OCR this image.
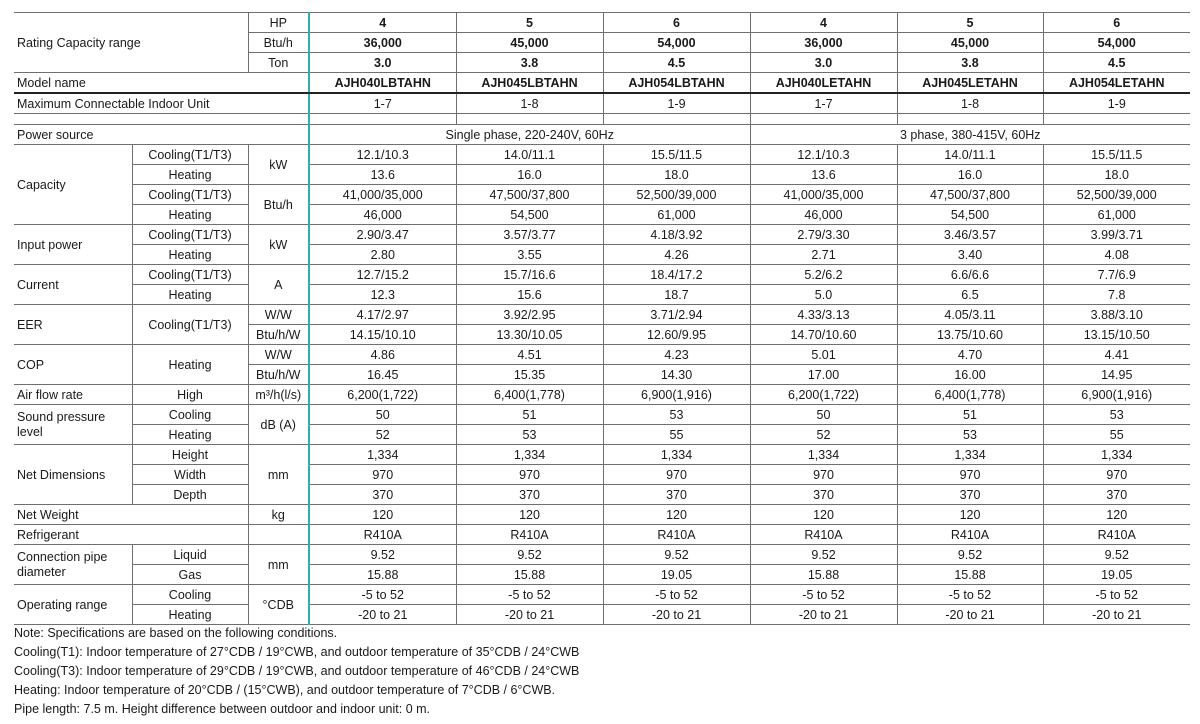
Rating Capacity range		HP	4	5	6	4	5	6
		Btu/h	36,000	45,000	54,000	36,000	45,000	54,000
		Ton	3.0	3.8	4.5	3.0	3.8	4.5
Model name			AJH040LBTAHN	AJH045LBTAHN	AJH054LBTAHN	AJH040LETAHN	AJH045LETAHN	AJH054LETAHN
Maximum Connectable Indoor Unit			1-7	1-8	1-9	1-7	1-8	1-9

Power source			Single phase, 220-240V, 60Hz			3 phase, 380-415V, 60Hz		
Capacity	Cooling(T1/T3)	kW	12.1/10.3	14.0/11.1	15.5/11.5	12.1/10.3	14.0/11.1	15.5/11.5
	Heating		13.6	16.0	18.0	13.6	16.0	18.0
	Cooling(T1/T3)	Btu/h	41,000/35,000	47,500/37,800	52,500/39,000	41,000/35,000	47,500/37,800	52,500/39,000
	Heating		46,000	54,500	61,000	46,000	54,500	61,000
Input power	Cooling(T1/T3)	kW	2.90/3.47	3.57/3.77	4.18/3.92	2.79/3.30	3.46/3.57	3.99/3.71
	Heating		2.80	3.55	4.26	2.71	3.40	4.08
Current	Cooling(T1/T3)	A	12.7/15.2	15.7/16.6	18.4/17.2	5.2/6.2	6.6/6.6	7.7/6.9
	Heating		12.3	15.6	18.7	5.0	6.5	7.8
EER	Cooling(T1/T3)	W/W	4.17/2.97	3.92/2.95	3.71/2.94	4.33/3.13	4.05/3.11	3.88/3.10
		Btu/h/W	14.15/10.10	13.30/10.05	12.60/9.95	14.70/10.60	13.75/10.60	13.15/10.50
COP	Heating	W/W	4.86	4.51	4.23	5.01	4.70	4.41
		Btu/h/W	16.45	15.35	14.30	17.00	16.00	14.95
Air flow rate	High	m³/h(l/s)	6,200(1,722)	6,400(1,778)	6,900(1,916)	6,200(1,722)	6,400(1,778)	6,900(1,916)
Sound pressure level	Cooling	dB (A)	50	51	53	50	51	53
	Heating		52	53	55	52	53	55
Net Dimensions	Height	mm	1,334	1,334	1,334	1,334	1,334	1,334
	Width		970	970	970	970	970	970
	Depth		370	370	370	370	370	370
Net Weight		kg	120	120	120	120	120	120
Refrigerant			R410A	R410A	R410A	R410A	R410A	R410A
Connection pipe diameter	Liquid	mm	9.52	9.52	9.52	9.52	9.52	9.52
	Gas		15.88	15.88	19.05	15.88	15.88	19.05
Operating range	Cooling	°CDB	-5 to 52	-5 to 52	-5 to 52	-5 to 52	-5 to 52	-5 to 52
	Heating		-20 to 21	-20 to 21	-20 to 21	-20 to 21	-20 to 21	-20 to 21
Note: Specifications are based on the following conditions.
Cooling(T1): Indoor temperature of 27°CDB / 19°CWB, and outdoor temperature of 35°CDB / 24°CWB
Cooling(T3): Indoor temperature of 29°CDB / 19°CWB, and outdoor temperature of 46°CDB / 24°CWB
Heating: Indoor temperature of 20°CDB / (15°CWB), and outdoor temperature of 7°CDB / 6°CWB.
Pipe length: 7.5 m. Height difference between outdoor and indoor unit: 0 m.
